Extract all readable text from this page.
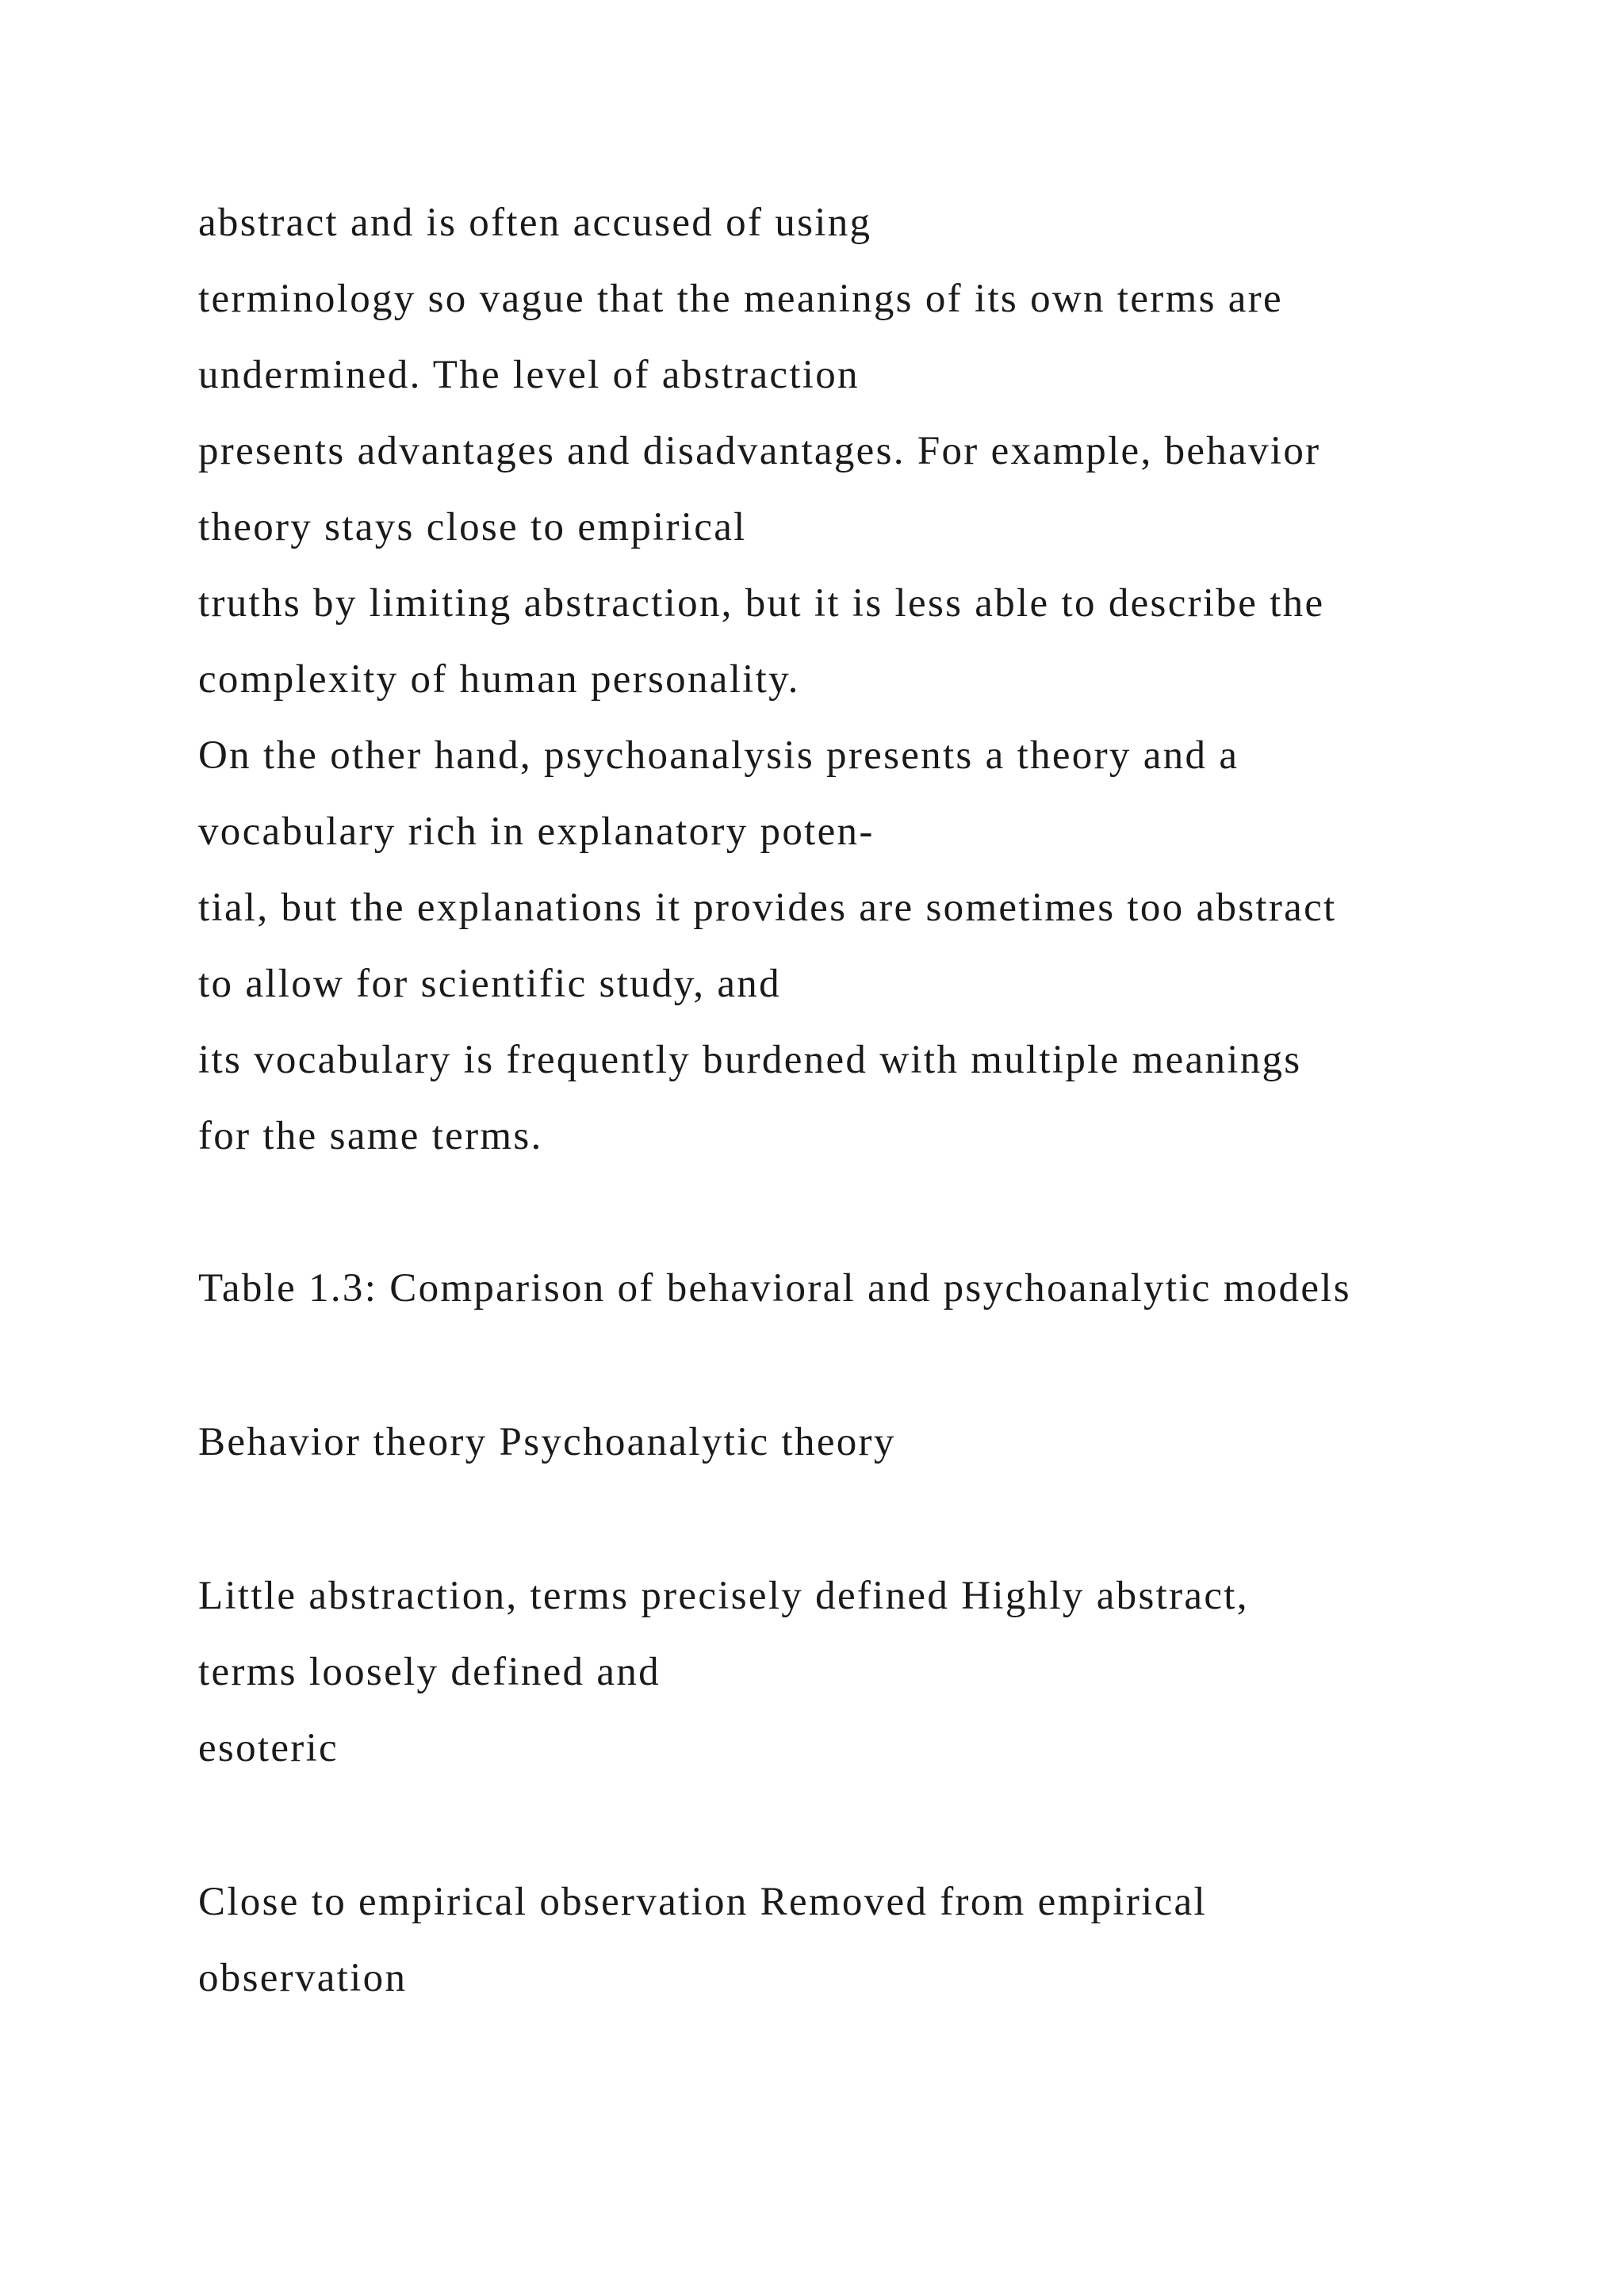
abstract and is often accused of using
terminology so vague that the meanings of its own terms are
undermined. The level of abstraction
presents advantages and disadvantages. For example, behavior
theory stays close to empirical
truths by limiting abstraction, but it is less able to describe the
complexity of human personality.
On the other hand, psychoanalysis presents a theory and a
vocabulary rich in explanatory poten-
tial, but the explanations it provides are sometimes too abstract
to allow for scientific study, and
its vocabulary is frequently burdened with multiple meanings
for the same terms.
Table 1.3: Comparison of behavioral and psychoanalytic models
Behavior theory Psychoanalytic theory
Little abstraction, terms precisely defined Highly abstract,
terms loosely defined and
esoteric
Close to empirical observation Removed from empirical
observation
